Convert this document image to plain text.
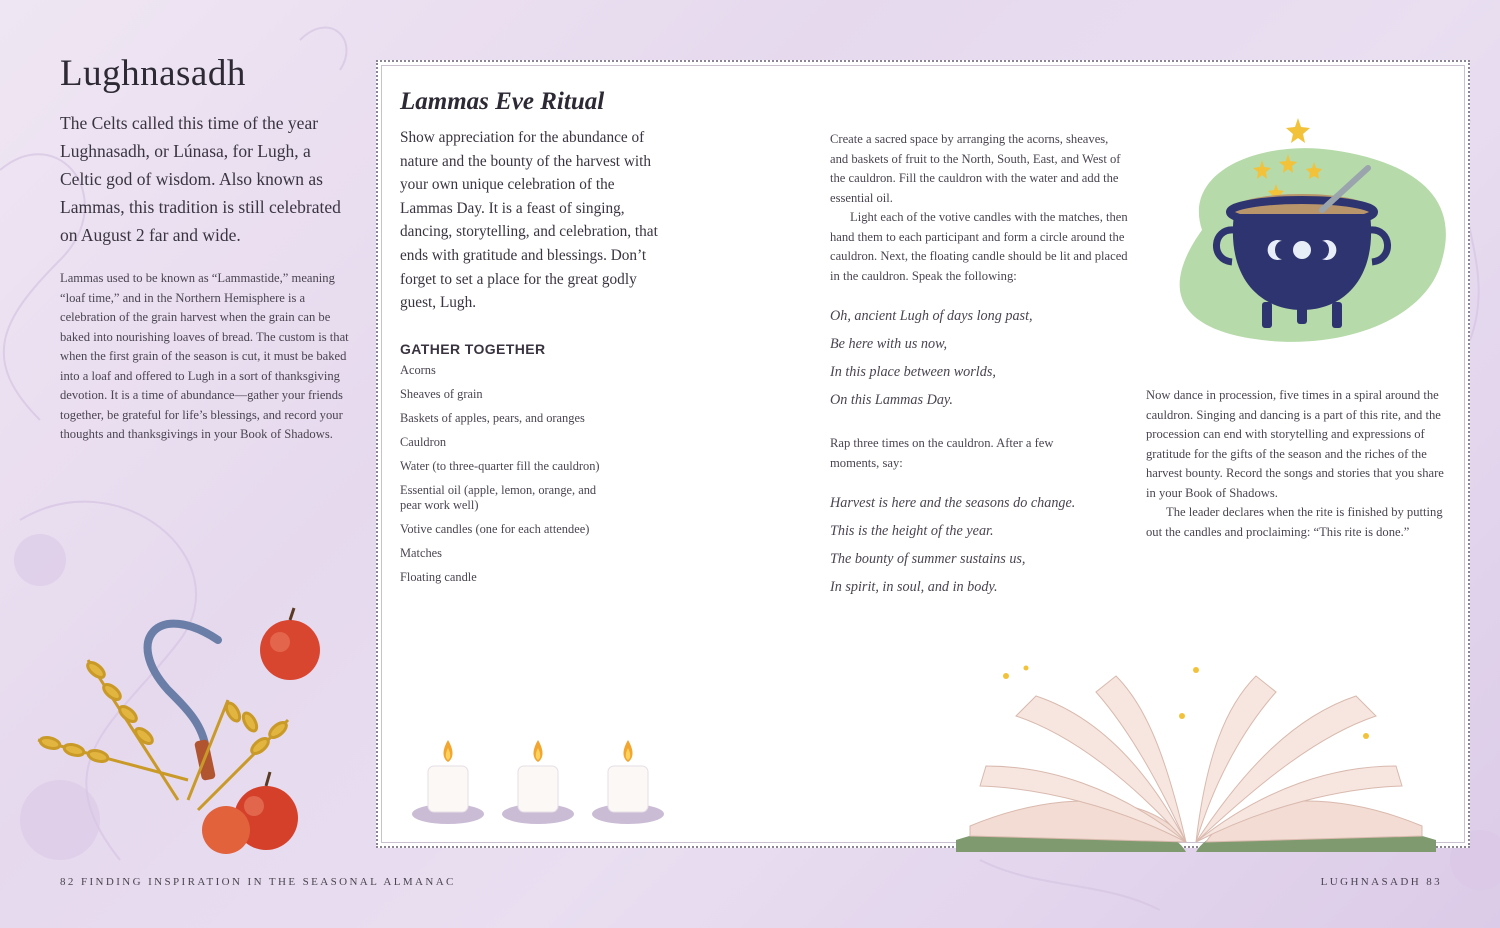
Lughnasadh

The Celts called this time of the year Lughnasadh, or Lúnasa, for Lugh, a Celtic god of wisdom. Also known as Lammas, this tradition is still celebrated on August 2 far and wide.

Lammas used to be known as “Lammastide,” meaning “loaf time,” and in the Northern Hemisphere is a celebration of the grain harvest when the grain can be baked into nourishing loaves of bread. The custom is that when the first grain of the season is cut, it must be baked into a loaf and offered to Lugh in a sort of thanksgiving devotion. It is a time of abundance—gather your friends together, be grateful for life’s blessings, and record your thoughts and thanksgivings in your Book of Shadows.

Lammas Eve Ritual

Show appreciation for the abundance of nature and the bounty of the harvest with your own unique celebration of the Lammas Day. It is a feast of singing, dancing, storytelling, and celebration, that ends with gratitude and blessings. Don’t forget to set a place for the great godly guest, Lugh.

GATHER TOGETHER
Acorns
Sheaves of grain
Baskets of apples, pears, and oranges
Cauldron
Water (to three-quarter fill the cauldron)
Essential oil (apple, lemon, orange, and pear work well)
Votive candles (one for each attendee)
Matches
Floating candle

Create a sacred space by arranging the acorns, sheaves, and baskets of fruit to the North, South, East, and West of the cauldron. Fill the cauldron with the water and add the essential oil.

Light each of the votive candles with the matches, then hand them to each participant and form a circle around the cauldron. Next, the floating candle should be lit and placed in the cauldron. Speak the following:

Oh, ancient Lugh of days long past,
Be here with us now,
In this place between worlds,
On this Lammas Day.

Rap three times on the cauldron. After a few moments, say:

Harvest is here and the seasons do change.
This is the height of the year.
The bounty of summer sustains us,
In spirit, in soul, and in body.

Now dance in procession, five times in a spiral around the cauldron. Singing and dancing is a part of this rite, and the procession can end with storytelling and expressions of gratitude for the gifts of the season and the riches of the harvest bounty. Record the songs and stories that you share in your Book of Shadows.

The leader declares when the rite is finished by putting out the candles and proclaiming: “This rite is done.”

82 FINDING INSPIRATION IN THE SEASONAL ALMANAC	LUGHNASADH 83
